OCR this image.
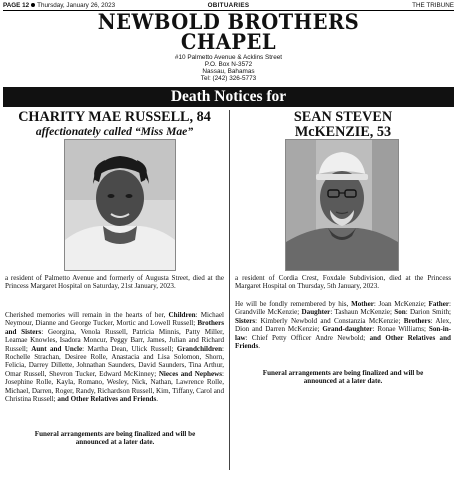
PAGE 12 Thursday, January 26, 2023	OBITUARIES	THE TRIBUNE
NEWBOLD BROTHERS
CHAPEL
#10 Palmetto Avenue & Acklins Street
P.O. Box N-3572
Nassau, Bahamas
Tel: (242) 326-5773
Death Notices for

CHARITY MAE RUSSELL, 84

affectionately called “Miss Mae”

a resident of Palmetto Avenue and formerly of Augusta Street, died at the Princess Margaret Hospital on Saturday, 21st January, 2023.

Cherished memories will remain in the hearts of her, Children: Michael Neymour, Dianne and George Tucker, Mortic and Lowell Russell; Brothers and Sisters: Georgina, Venola Russell, Patricia Minnis, Patty Miller, Leamae Knowles, Isadora Moncur, Peggy Barr, James, Julian and Richard Russell; Aunt and Uncle: Martha Dean, Ulick Russell; Grandchildren: Rochelle Strachan, Desiree Rolle, Anastacia and Lisa Solomon, Shorn, Felicia, Darrey Dillette, Johnathan Saunders, David Saunders, Tina Arthur, Omar Russell, Shevron Tucker, Edward McKinney; Nieces and Nephews: Josephine Rolle, Kayla, Romano, Wesley, Nick, Nathan, Lawrence Rolle, Michael, Darren, Roger, Randy, Richardson Russell, Kim, Tiffany, Carol and Christina Russell; and Other Relatives and Friends.

Funeral arrangements are being finalized and will be announced at a later date.

SEAN STEVEN

McKENZIE, 53

a resident of Cordia Crest, Foxdale Subdivision, died at the Princess Margaret Hospital on Thursday, 5th January, 2023.

He will be fondly remembered by his, Mother: Joan McKenzie; Father: Grandville McKenzie; Daughter: Tashaun McKenzie; Son: Darion Smith; Sisters: Kimberly Newbold and Constanzia McKenzie; Brothers: Alex, Dion and Darren McKenzie; Grand-daughter: Ronae Williams; Son-in-law: Chief Petty Officer Andre Newbold; and Other Relatives and Friends.

Funeral arrangements are being finalized and will be announced at a later date.
